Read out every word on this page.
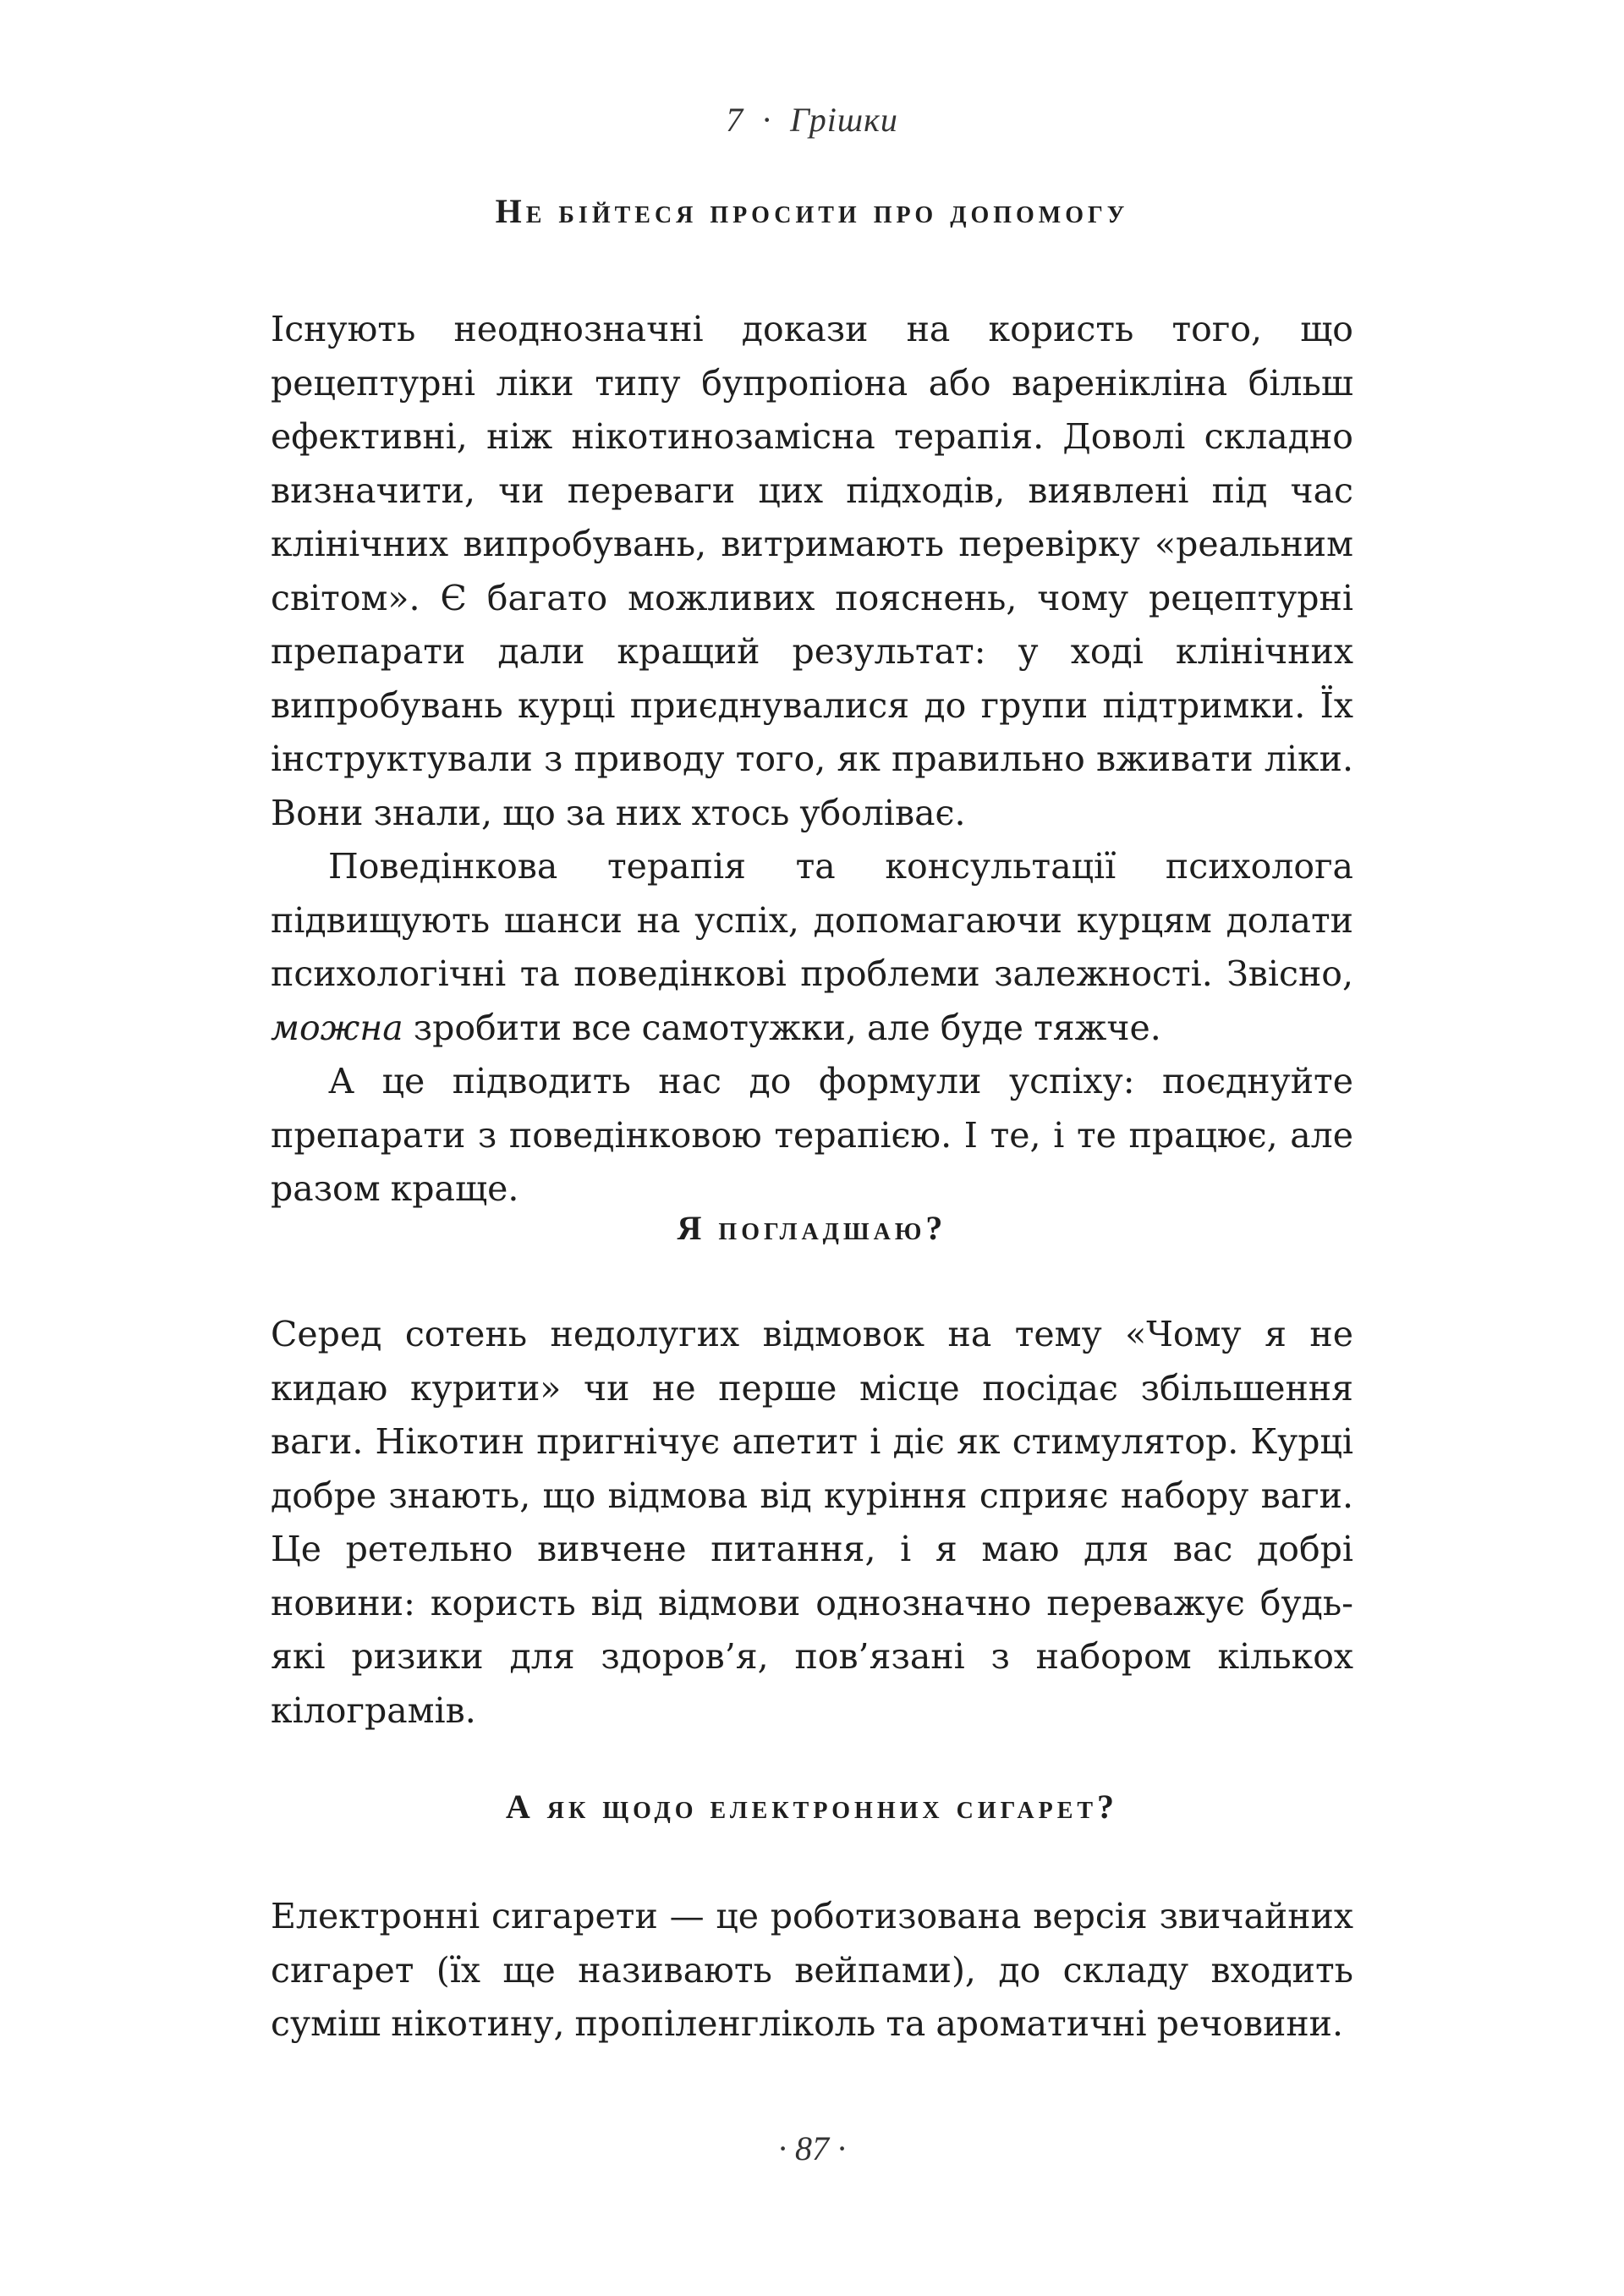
7 · Грішки
Не бійтеся просити про допомогу

Існують неоднозначні докази на користь того, що рецептурні ліки типу бупропіона або варенікліна більш ефективні, ніж нікотинозамісна терапія. Доволі складно визначити, чи переваги цих підходів, виявлені під час клінічних випробувань, витримають перевірку «реальним світом». Є багато можливих пояснень, чому рецептурні препарати дали кращий результат: у ході клінічних випробувань курці приєднувалися до групи підтримки. Їх інструктували з приводу того, як правильно вживати ліки. Вони знали, що за них хтось уболіває.

Поведінкова терапія та консультації психолога підвищують шанси на успіх, допомагаючи курцям долати психологічні та поведінкові проблеми залежності. Звісно, можна зробити все самотужки, але буде тяжче.

А це підводить нас до формули успіху: поєднуйте препарати з поведінковою терапією. І те, і те працює, але разом краще.

Я погладшаю?

Серед сотень недолугих відмовок на тему «Чому я не кидаю курити» чи не перше місце посідає збільшення ваги. Нікотин пригнічує апетит і діє як стимулятор. Курці добре знають, що відмова від куріння сприяє набору ваги. Це ретельно вивчене питання, і я маю для вас добрі новини: користь від відмови однозначно переважує будь-які ризики для здоров’я, пов’язані з набором кількох кілограмів.

А як щодо електронних сигарет?

Електронні сигарети — це роботизована версія звичайних сигарет (їх ще називають вейпами), до складу входить суміш нікотину, пропіленгліколь та ароматичні речовини.

· 87 ·
